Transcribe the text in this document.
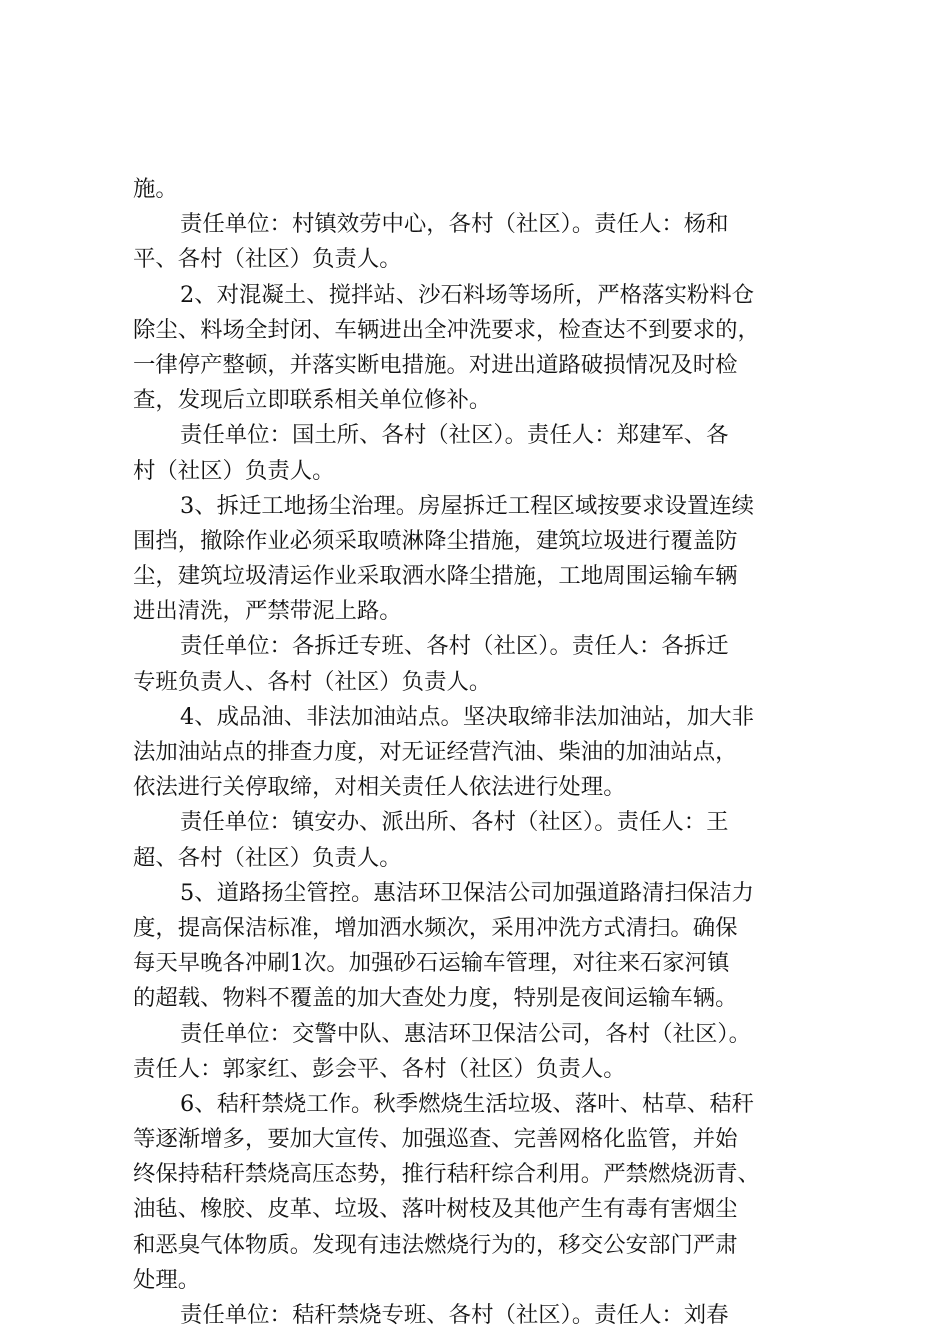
施。
责任单位：村镇效劳中心，各村（社区）。责任人：杨和
平、各村（社区）负责人。
2、对混凝土、搅拌站、沙石料场等场所，严格落实粉料仓
除尘、料场全封闭、车辆进出全冲洗要求，检查达不到要求的，
一律停产整顿，并落实断电措施。对进出道路破损情况及时检
查，发现后立即联系相关单位修补。
责任单位：国土所、各村（社区）。责任人：郑建军、各
村（社区）负责人。
3、拆迁工地扬尘治理。房屋拆迁工程区域按要求设置连续
围挡，撤除作业必须采取喷淋降尘措施，建筑垃圾进行覆盖防
尘，建筑垃圾清运作业采取洒水降尘措施，工地周围运输车辆
进出清洗，严禁带泥上路。
责任单位：各拆迁专班、各村（社区）。责任人：各拆迁
专班负责人、各村（社区）负责人。
4、成品油、非法加油站点。坚决取缔非法加油站，加大非
法加油站点的排查力度，对无证经营汽油、柴油的加油站点，
依法进行关停取缔，对相关责任人依法进行处理。
责任单位：镇安办、派出所、各村（社区）。责任人：王
超、各村（社区）负责人。
5、道路扬尘管控。惠洁环卫保洁公司加强道路清扫保洁力
度，提高保洁标准，增加洒水频次，采用冲洗方式清扫。确保
每天早晚各冲刷1次。加强砂石运输车管理，对往来石家河镇
的超载、物料不覆盖的加大查处力度，特别是夜间运输车辆。
责任单位：交警中队、惠洁环卫保洁公司，各村（社区）。
责任人：郭家红、彭会平、各村（社区）负责人。
6、秸秆禁烧工作。秋季燃烧生活垃圾、落叶、枯草、秸秆
等逐渐增多，要加大宣传、加强巡查、完善网格化监管，并始
终保持秸秆禁烧高压态势，推行秸秆综合利用。严禁燃烧沥青、
油毡、橡胶、皮革、垃圾、落叶树枝及其他产生有毒有害烟尘
和恶臭气体物质。发现有违法燃烧行为的，移交公安部门严肃
处理。
责任单位：秸秆禁烧专班、各村（社区）。责任人：刘春
